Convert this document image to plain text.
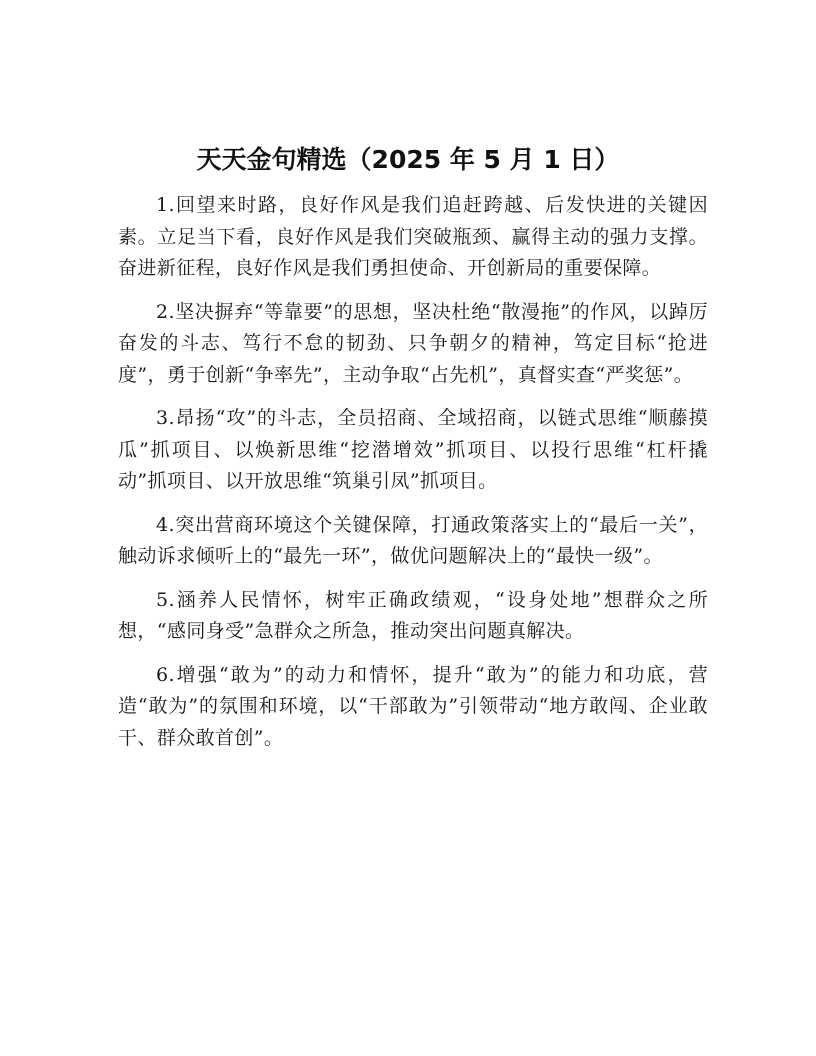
天天金句精选（2025 年 5 月 1 日）

1.回望来时路，良好作风是我们追赶跨越、后发快进的关键因素。立足当下看，良好作风是我们突破瓶颈、赢得主动的强力支撑。奋进新征程，良好作风是我们勇担使命、开创新局的重要保障。

2.坚决摒弃“等靠要”的思想，坚决杜绝“散漫拖”的作风，以踔厉奋发的斗志、笃行不怠的韧劲、只争朝夕的精神，笃定目标“抢进度”，勇于创新“争率先”，主动争取“占先机”，真督实查“严奖惩”。

3.昂扬“攻”的斗志，全员招商、全域招商，以链式思维“顺藤摸瓜”抓项目、以焕新思维“挖潜增效”抓项目、以投行思维“杠杆撬动”抓项目、以开放思维“筑巢引凤”抓项目。

4.突出营商环境这个关键保障，打通政策落实上的“最后一关”，触动诉求倾听上的“最先一环”，做优问题解决上的“最快一级”。

5.涵养人民情怀，树牢正确政绩观，“设身处地”想群众之所想，“感同身受”急群众之所急，推动突出问题真解决。

6.增强“敢为”的动力和情怀，提升“敢为”的能力和功底，营造“敢为”的氛围和环境，以“干部敢为”引领带动“地方敢闯、企业敢干、群众敢首创”。
